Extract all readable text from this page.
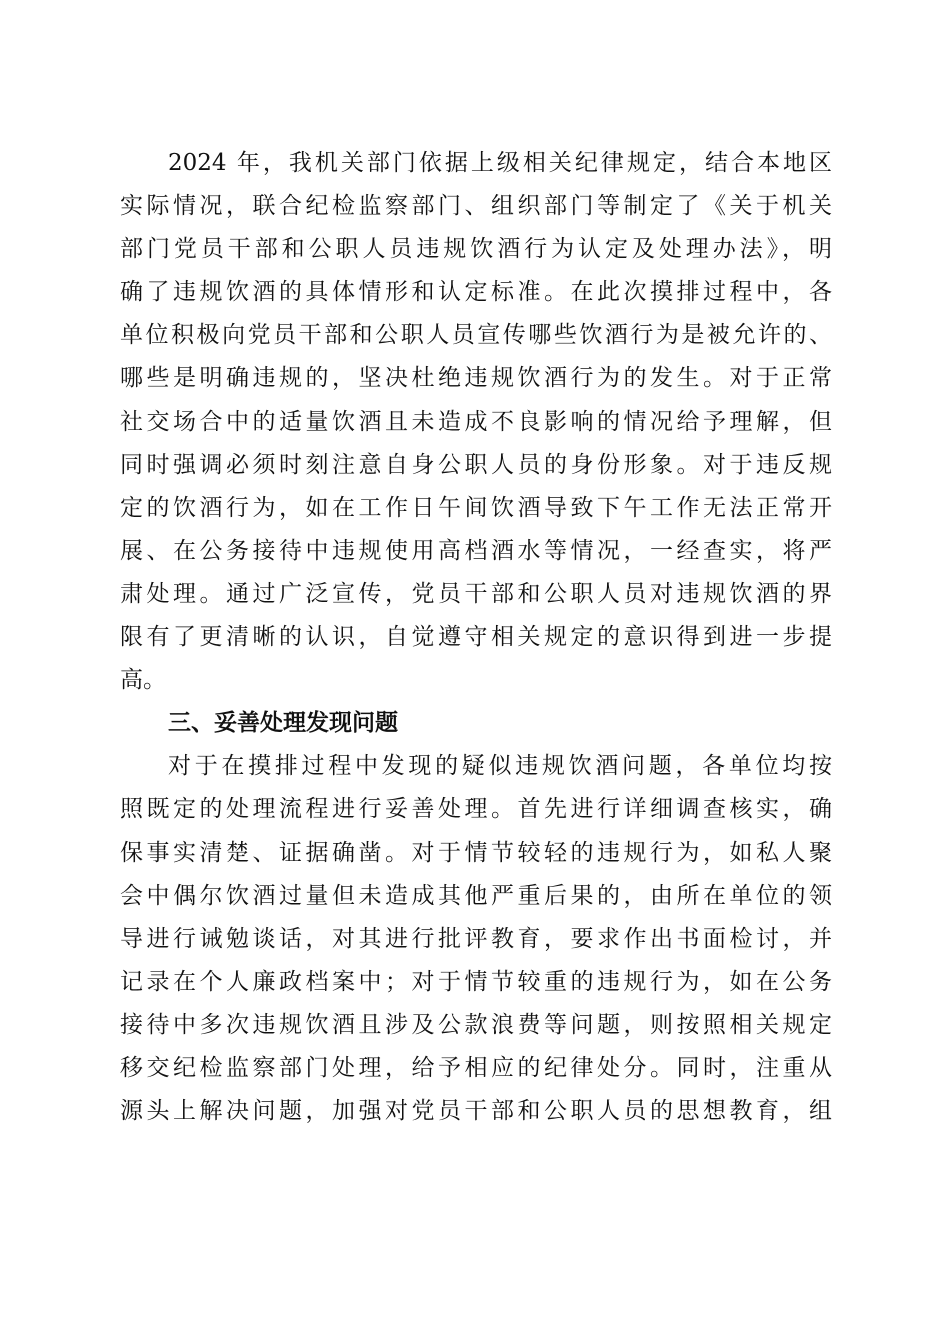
2024 年，我机关部门依据上级相关纪律规定，结合本地区
实际情况，联合纪检监察部门、组织部门等制定了《关于机关
部门党员干部和公职人员违规饮酒行为认定及处理办法》，明
确了违规饮酒的具体情形和认定标准。在此次摸排过程中，各
单位积极向党员干部和公职人员宣传哪些饮酒行为是被允许的、
哪些是明确违规的，坚决杜绝违规饮酒行为的发生。对于正常
社交场合中的适量饮酒且未造成不良影响的情况给予理解，但
同时强调必须时刻注意自身公职人员的身份形象。对于违反规
定的饮酒行为，如在工作日午间饮酒导致下午工作无法正常开
展、在公务接待中违规使用高档酒水等情况，一经查实，将严
肃处理。通过广泛宣传，党员干部和公职人员对违规饮酒的界
限有了更清晰的认识，自觉遵守相关规定的意识得到进一步提
高。
三、妥善处理发现问题
对于在摸排过程中发现的疑似违规饮酒问题，各单位均按
照既定的处理流程进行妥善处理。首先进行详细调查核实，确
保事实清楚、证据确凿。对于情节较轻的违规行为，如私人聚
会中偶尔饮酒过量但未造成其他严重后果的，由所在单位的领
导进行诫勉谈话，对其进行批评教育，要求作出书面检讨，并
记录在个人廉政档案中；对于情节较重的违规行为，如在公务
接待中多次违规饮酒且涉及公款浪费等问题，则按照相关规定
移交纪检监察部门处理，给予相应的纪律处分。同时，注重从
源头上解决问题，加强对党员干部和公职人员的思想教育，组
